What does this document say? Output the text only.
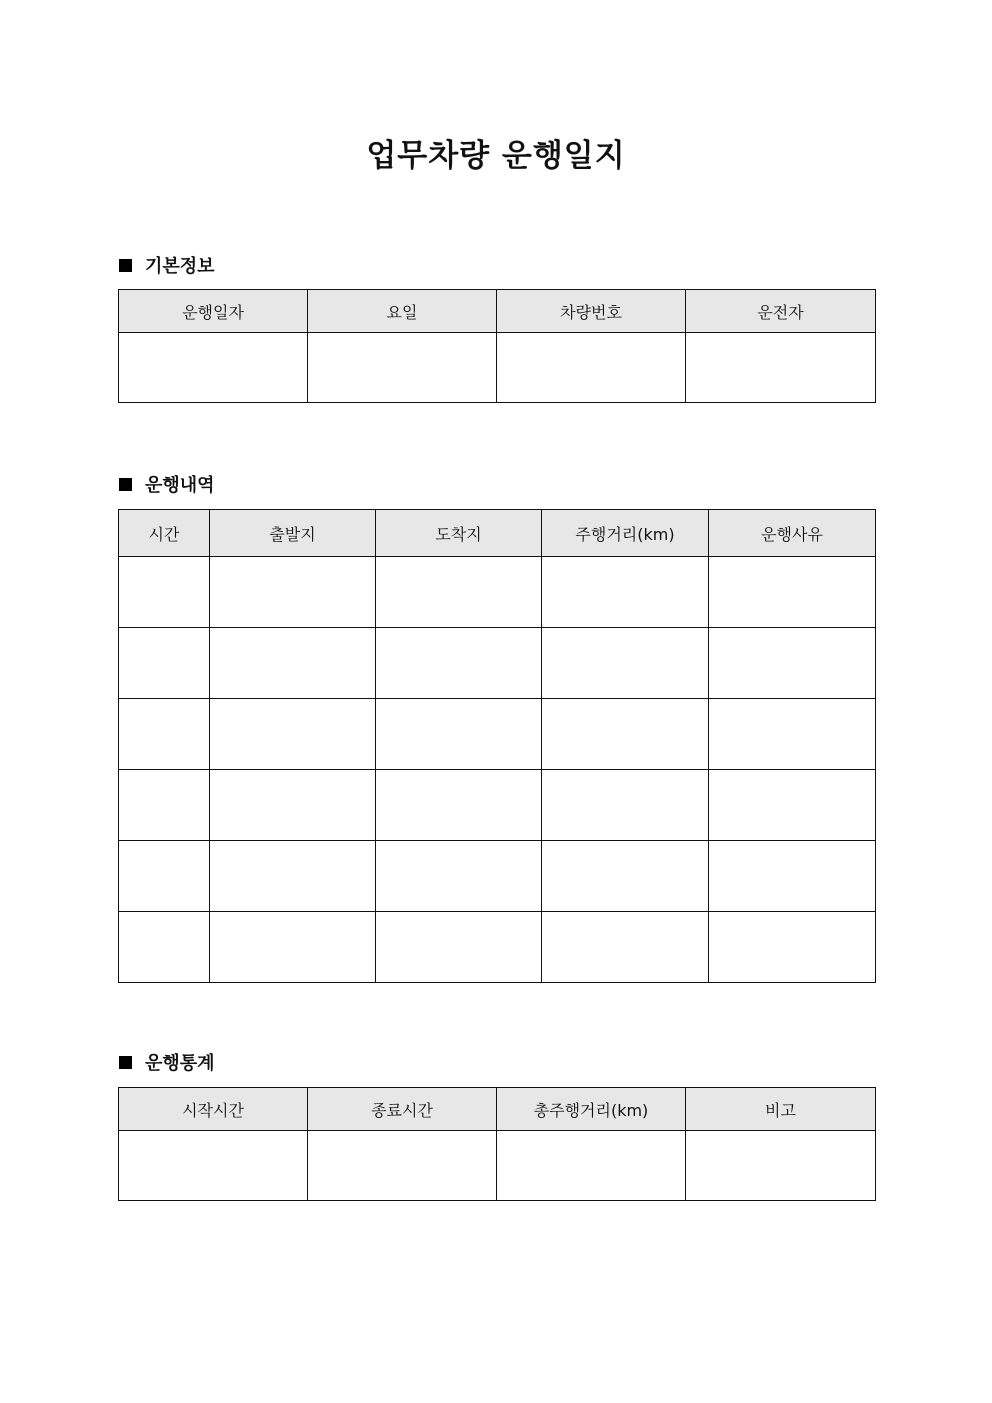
업무차량 운행일지
기본정보
운행일자	요일	차량번호	운전자

운행내역
시간	출발지	도착지	주행거리(km)	운행사유

운행통계
시작시간	종료시간	총주행거리(km)	비고
